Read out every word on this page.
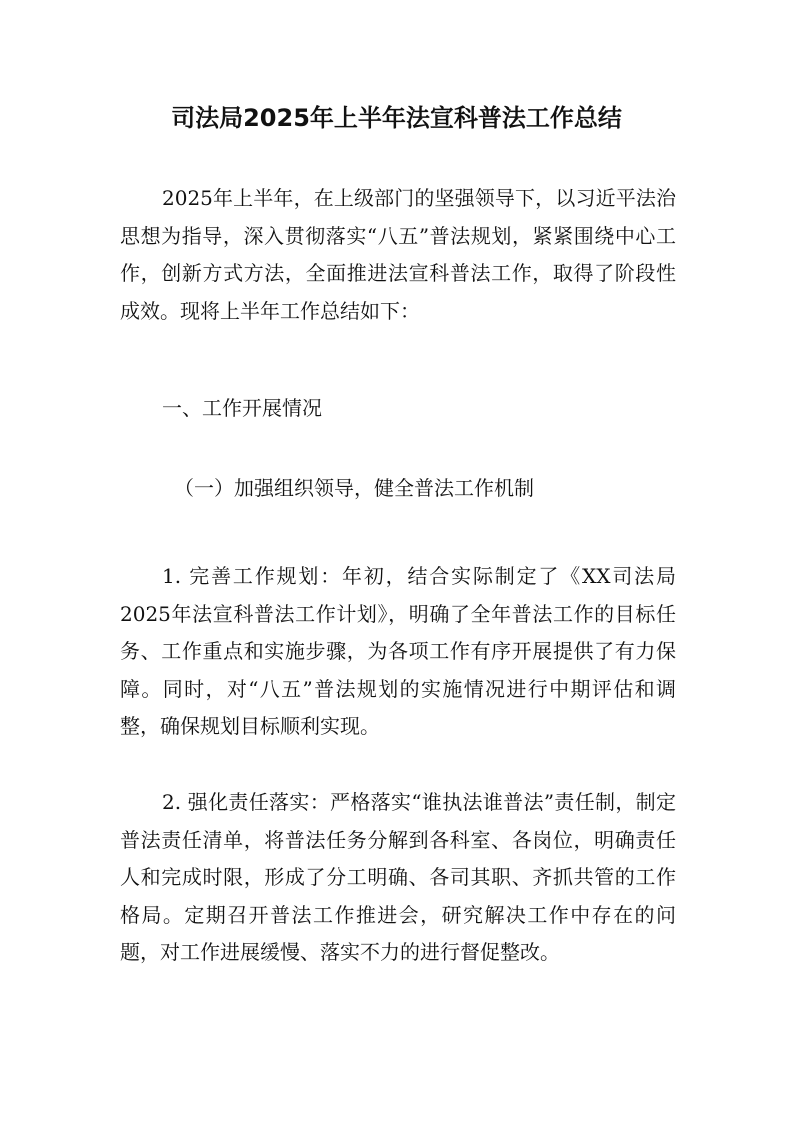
司法局2025年上半年法宣科普法工作总结

2025年上半年，在上级部门的坚强领导下，以习近平法治思想为指导，深入贯彻落实“八五”普法规划，紧紧围绕中心工作，创新方式方法，全面推进法宣科普法工作，取得了阶段性成效。现将上半年工作总结如下：

一、工作开展情况

（一）加强组织领导，健全普法工作机制

1. 完善工作规划：年初，结合实际制定了《XX司法局2025年法宣科普法工作计划》，明确了全年普法工作的目标任务、工作重点和实施步骤，为各项工作有序开展提供了有力保障。同时，对“八五”普法规划的实施情况进行中期评估和调整，确保规划目标顺利实现。

2. 强化责任落实：严格落实“谁执法谁普法”责任制，制定普法责任清单，将普法任务分解到各科室、各岗位，明确责任人和完成时限，形成了分工明确、各司其职、齐抓共管的工作格局。定期召开普法工作推进会，研究解决工作中存在的问题，对工作进展缓慢、落实不力的进行督促整改。
